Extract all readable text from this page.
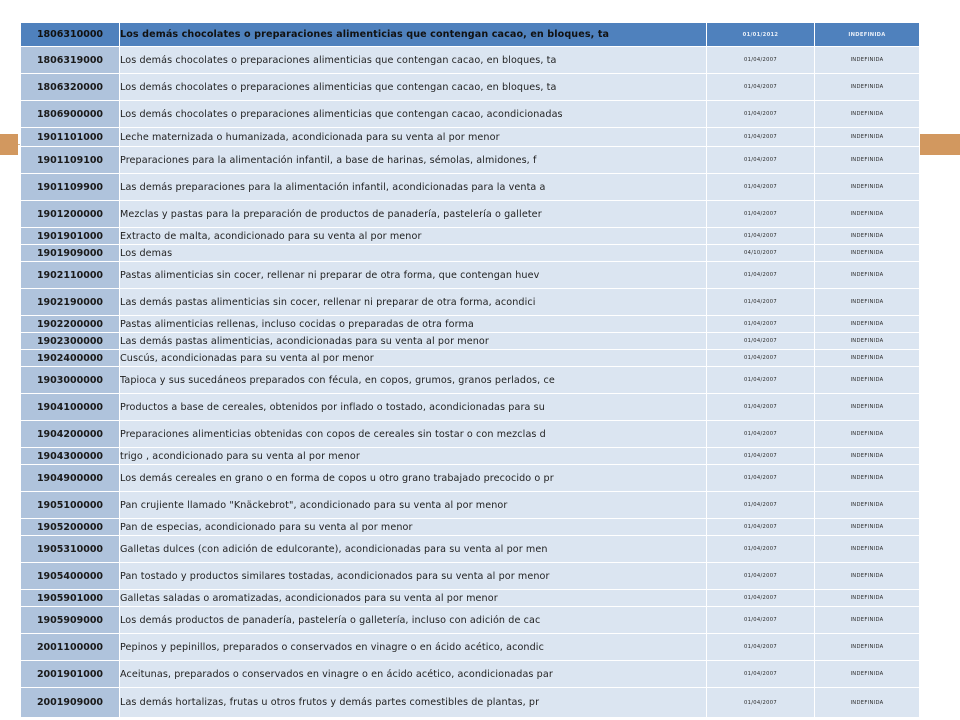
1806310000	Los demás chocolates o preparaciones alimenticias que contengan cacao, en bloques, ta	01/01/2012	INDEFINIDA
1806319000	Los demás chocolates o preparaciones alimenticias que contengan cacao, en bloques, ta	01/04/2007	INDEFINIDA
1806320000	Los demás chocolates o preparaciones alimenticias que contengan cacao, en bloques, ta	01/04/2007	INDEFINIDA
1806900000	Los demás chocolates o preparaciones alimenticias que contengan cacao, acondicionadas	01/04/2007	INDEFINIDA
1901101000	Leche maternizada o humanizada, acondicionada para su venta al por menor	01/04/2007	INDEFINIDA
1901109100	Preparaciones para la alimentación infantil, a base de harinas, sémolas, almidones, f	01/04/2007	INDEFINIDA
1901109900	Las demás preparaciones para la alimentación infantil, acondicionadas para la venta a	01/04/2007	INDEFINIDA
1901200000	Mezclas y pastas para la preparación de productos de panadería, pastelería o galleter	01/04/2007	INDEFINIDA
1901901000	Extracto de malta, acondicionado para su venta al por menor	01/04/2007	INDEFINIDA
1901909000	Los demas	04/10/2007	INDEFINIDA
1902110000	Pastas alimenticias sin cocer, rellenar ni preparar de otra forma, que contengan huev	01/04/2007	INDEFINIDA
1902190000	Las demás pastas alimenticias sin cocer, rellenar ni preparar de otra forma, acondici	01/04/2007	INDEFINIDA
1902200000	Pastas alimenticias rellenas, incluso cocidas o preparadas de otra forma	01/04/2007	INDEFINIDA
1902300000	Las demás pastas alimenticias, acondicionadas para su venta al por menor	01/04/2007	INDEFINIDA
1902400000	Cuscús, acondicionadas para su venta al por menor	01/04/2007	INDEFINIDA
1903000000	Tapioca y sus sucedáneos preparados con fécula, en copos, grumos, granos perlados, ce	01/04/2007	INDEFINIDA
1904100000	Productos a base de cereales, obtenidos por inflado o tostado, acondicionadas para su	01/04/2007	INDEFINIDA
1904200000	Preparaciones alimenticias obtenidas con copos de cereales sin tostar o con mezclas d	01/04/2007	INDEFINIDA
1904300000	trigo , acondicionado para su venta al por menor	01/04/2007	INDEFINIDA
1904900000	Los demás cereales en grano o en forma de copos u otro grano trabajado precocido o pr	01/04/2007	INDEFINIDA
1905100000	Pan crujiente llamado "Knäckebrot", acondicionado para su venta al por menor	01/04/2007	INDEFINIDA
1905200000	Pan de especias, acondicionado para su venta al por menor	01/04/2007	INDEFINIDA
1905310000	Galletas dulces (con adición de edulcorante), acondicionadas para su venta al por men	01/04/2007	INDEFINIDA
1905400000	Pan tostado y productos similares tostadas, acondicionados para su venta al por menor	01/04/2007	INDEFINIDA
1905901000	Galletas saladas o aromatizadas, acondicionados para su venta al por menor	01/04/2007	INDEFINIDA
1905909000	Los demás productos de panadería, pastelería o galletería, incluso con adición de cac	01/04/2007	INDEFINIDA
2001100000	Pepinos y pepinillos, preparados o conservados en vinagre o en ácido acético, acondic	01/04/2007	INDEFINIDA
2001901000	Aceitunas, preparados o conservados en vinagre o en ácido acético, acondicionadas par	01/04/2007	INDEFINIDA
2001909000	Las demás hortalizas, frutas u otros frutos y demás partes comestibles de plantas, pr	01/04/2007	INDEFINIDA
